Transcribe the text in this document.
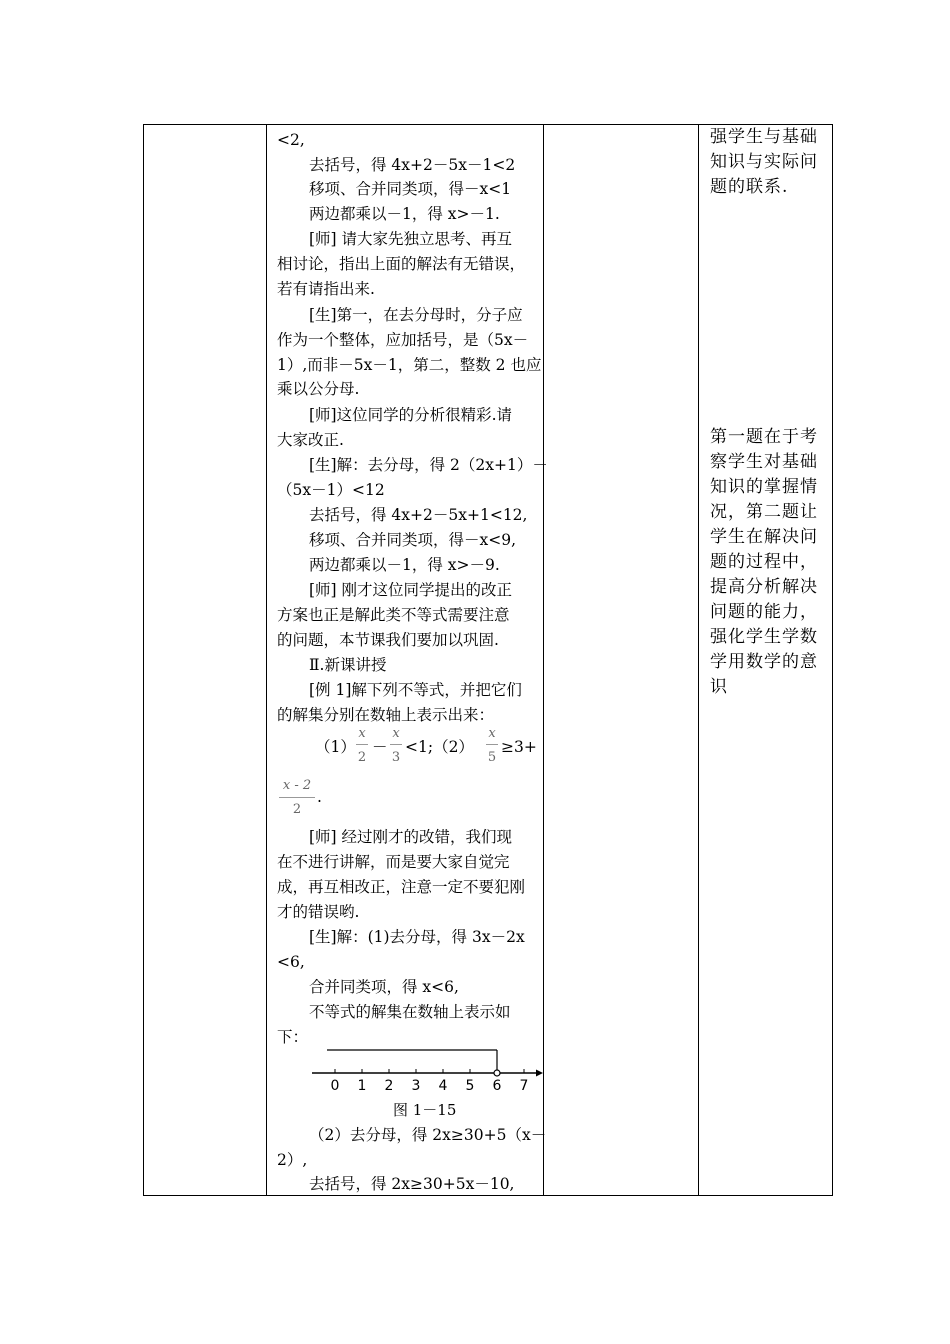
<2,
去括号，得 4x+2－5x－1<2
移项、合并同类项，得－x<1
两边都乘以－1，得 x>－1.
[师] 请大家先独立思考、再互
相讨论，指出上面的解法有无错误，
若有请指出来.
[生]第一，在去分母时，分子应
作为一个整体，应加括号，是（5x－
1）,而非－5x－1，第二，整数 2 也应
乘以公分母.
[师]这位同学的分析很精彩.请
大家改正.
[生]解：去分母，得 2（2x+1）－
（5x－1）<12
去括号，得 4x+2－5x+1<12,
移项、合并同类项，得－x<9,
两边都乘以－1，得 x>－9.
[师] 刚才这位同学提出的改正
方案也正是解此类不等式需要注意
的问题，本节课我们要加以巩固.
Ⅱ.新课讲授
[例 1]解下列不等式，并把它们
的解集分别在数轴上表示出来：
（1）
x
2
－
x
3
<1;（2）
x
5
≥3+
x - 2
2
.
[师] 经过刚才的改错，我们现
在不进行讲解，而是要大家自觉完
成，再互相改正，注意一定不要犯刚
才的错误哟.
[生]解：(1)去分母，得 3x－2x
<6,
合并同类项，得 x<6,
不等式的解集在数轴上表示如
下：
0 1 2 3 4 5 6 7
图 1－15
（2）去分母，得 2x≥30+5（x－
2）,
去括号，得 2x≥30+5x－10,
强学生与基础
知识与实际问
题的联系.
第一题在于考
察学生对基础
知识的掌握情
况，第二题让
学生在解决问
题的过程中，
提高分析解决
问题的能力，
强化学生学数
学用数学的意
识
